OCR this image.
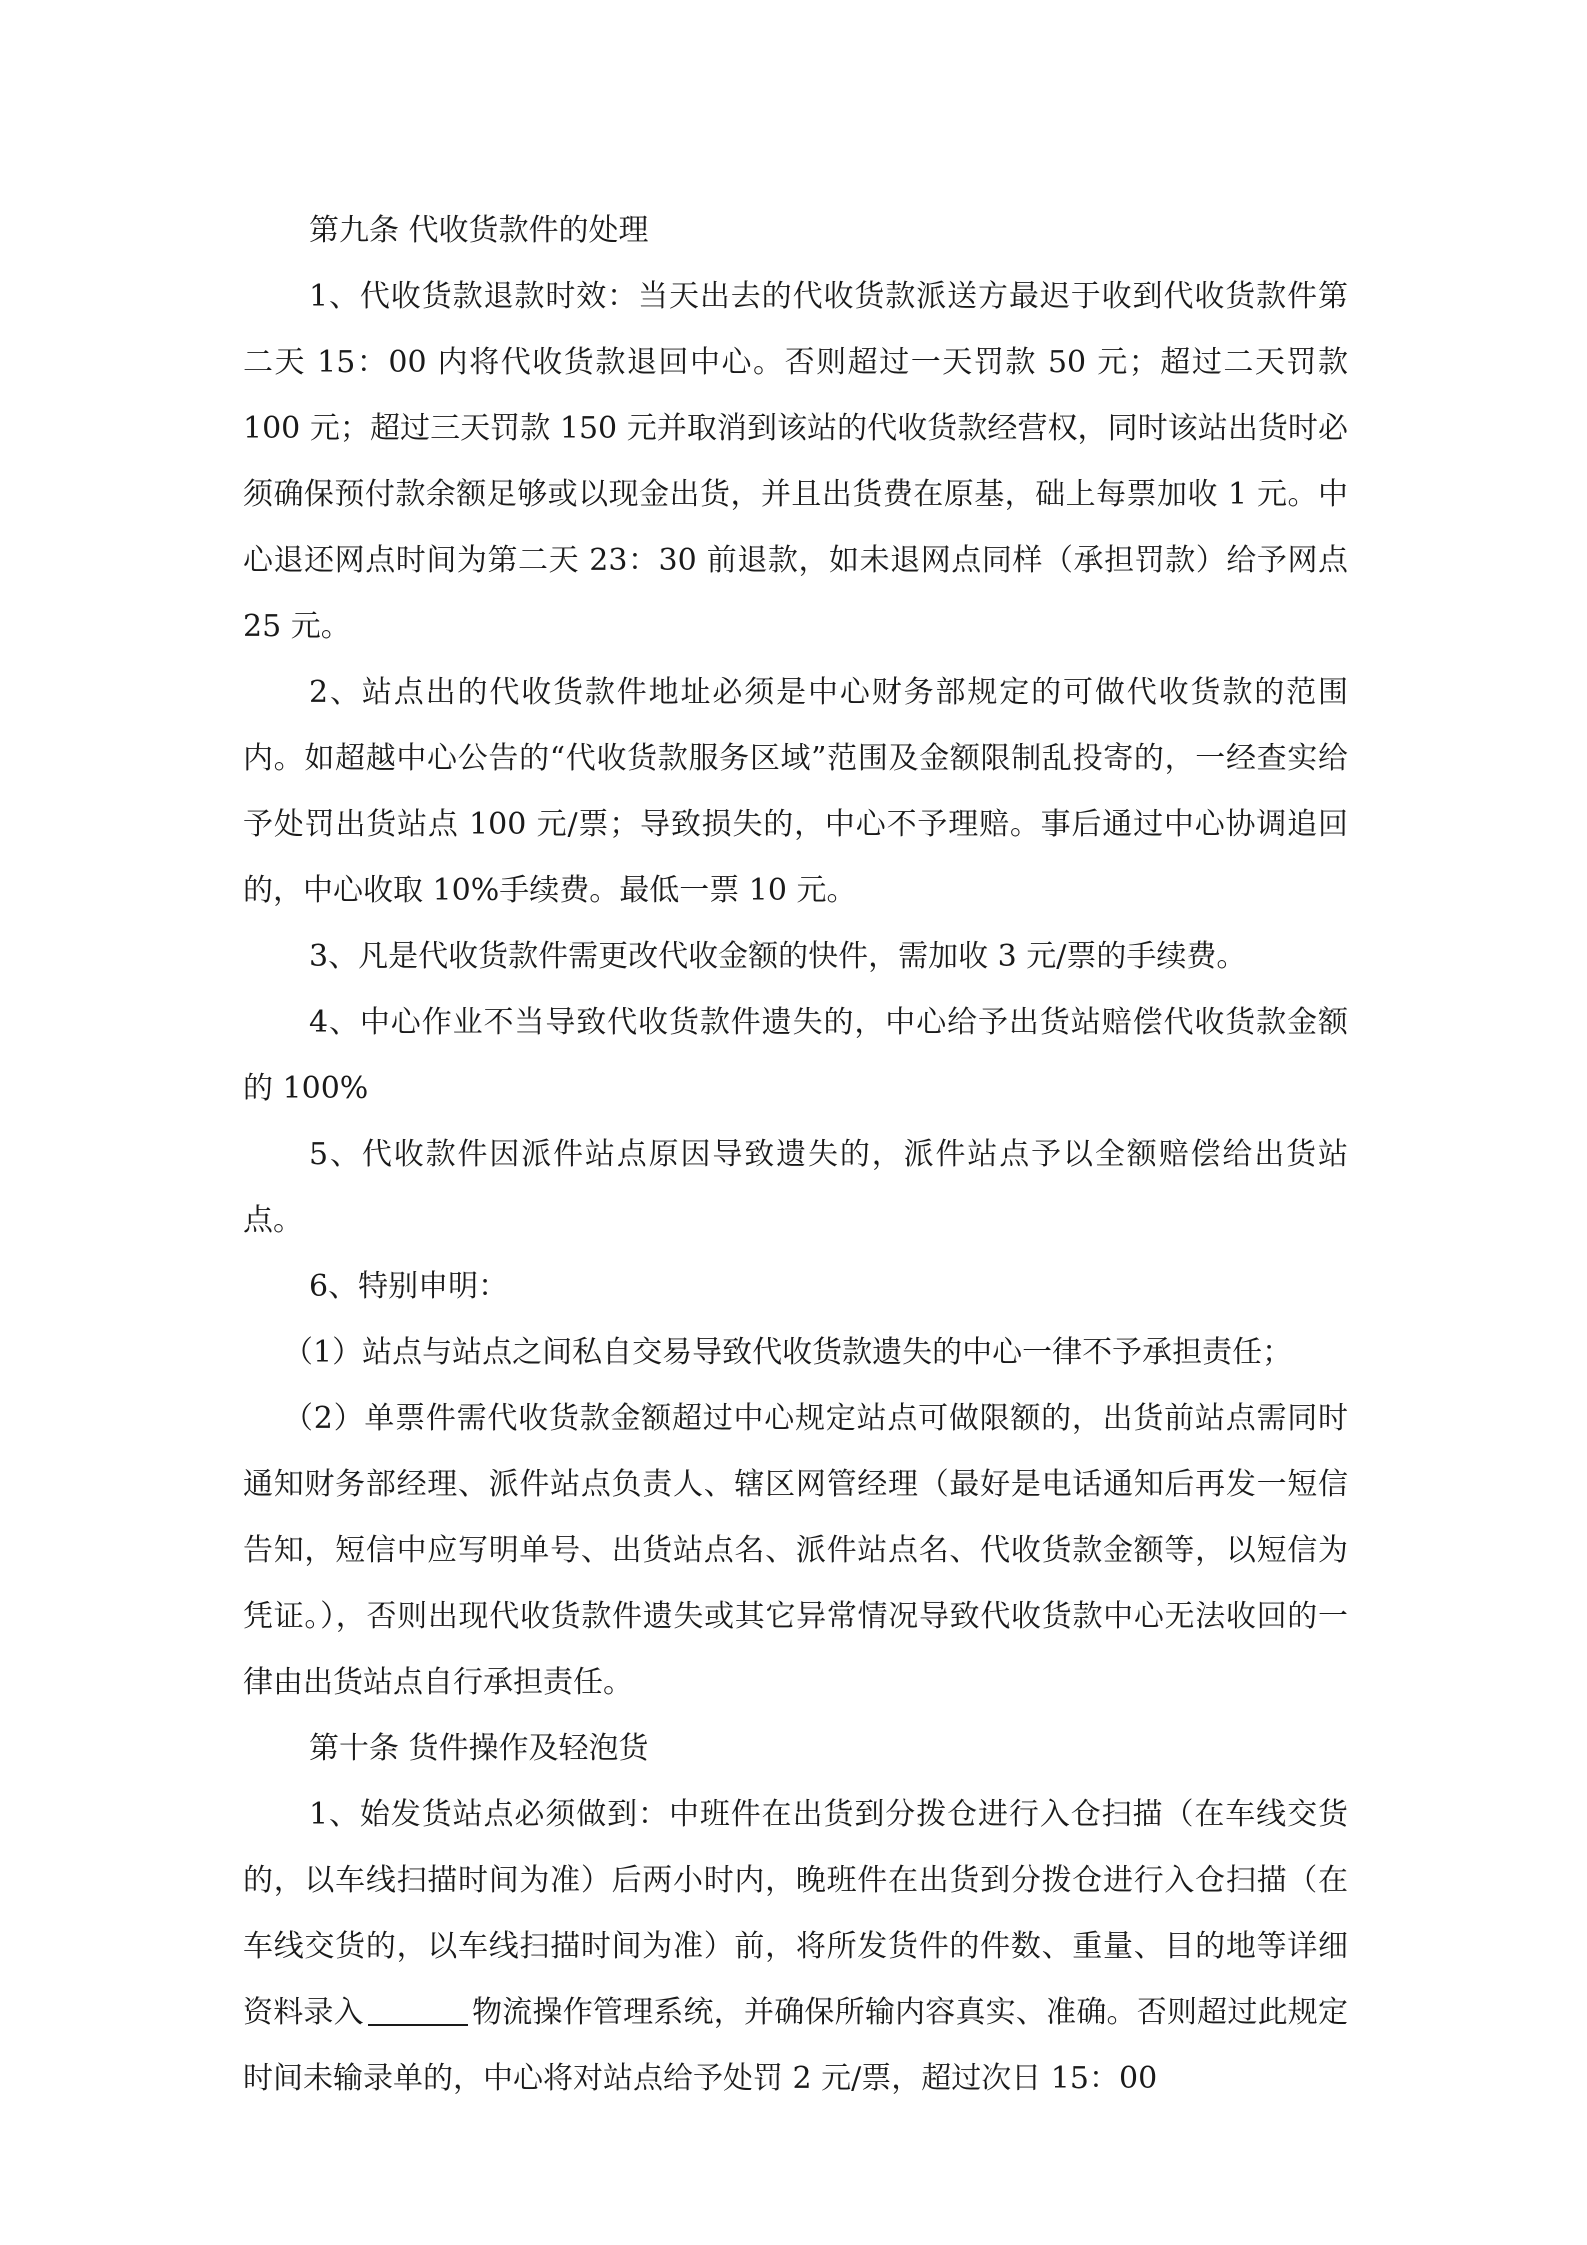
第九条 代收货款件的处理

1、代收货款退款时效：当天出去的代收货款派送方最迟于收到代收货款件第二天 15：00 内将代收货款退回中心。否则超过一天罚款 50 元；超过二天罚款 100 元；超过三天罚款 150 元并取消到该站的代收货款经营权，同时该站出货时必须确保预付款余额足够或以现金出货，并且出货费在原基，础上每票加收 1 元。中心退还网点时间为第二天 23：30 前退款，如未退网点同样（承担罚款）给予网点 25 元。

2、站点出的代收货款件地址必须是中心财务部规定的可做代收货款的范围内。如超越中心公告的“代收货款服务区域”范围及金额限制乱投寄的，一经查实给予处罚出货站点 100 元/票；导致损失的，中心不予理赔。事后通过中心协调追回的，中心收取 10%手续费。最低一票 10 元。

3、凡是代收货款件需更改代收金额的快件，需加收 3 元/票的手续费。

4、中心作业不当导致代收货款件遗失的，中心给予出货站赔偿代收货款金额的 100%

5、代收款件因派件站点原因导致遗失的，派件站点予以全额赔偿给出货站点。

6、特别申明：

（1）站点与站点之间私自交易导致代收货款遗失的中心一律不予承担责任；

（2）单票件需代收货款金额超过中心规定站点可做限额的，出货前站点需同时通知财务部经理、派件站点负责人、辖区网管经理（最好是电话通知后再发一短信告知，短信中应写明单号、出货站点名、派件站点名、代收货款金额等，以短信为凭证。），否则出现代收货款件遗失或其它异常情况导致代收货款中心无法收回的一律由出货站点自行承担责任。

第十条 货件操作及轻泡货

1、始发货站点必须做到：中班件在出货到分拨仓进行入仓扫描（在车线交货的，以车线扫描时间为准）后两小时内，晚班件在出货到分拨仓进行入仓扫描（在车线交货的，以车线扫描时间为准）前，将所发货件的件数、重量、目的地等详细资料录入	物流操作管理系统，并确保所输内容真实、准确。否则超过此规定时间未输录单的，中心将对站点给予处罚 2 元/票，超过次日 15：00
